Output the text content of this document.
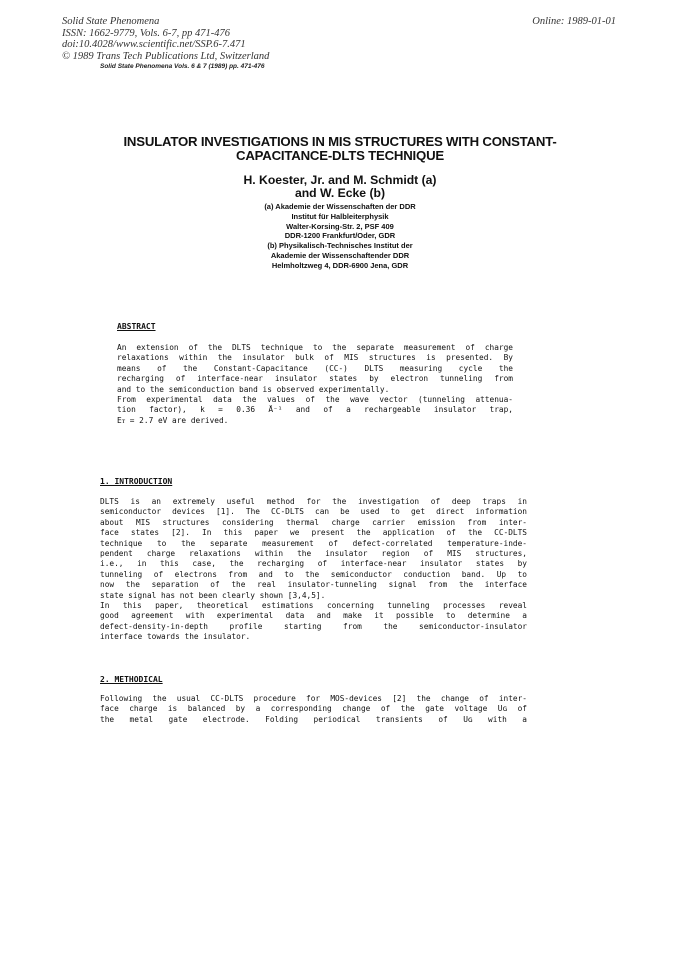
Solid State Phenomena
ISSN: 1662-9779, Vols. 6-7, pp 471-476
doi:10.4028/www.scientific.net/SSP.6-7.471
© 1989 Trans Tech Publications Ltd, Switzerland
Online: 1989-01-01
Solid State Phenomena Vols. 6 & 7 (1989) pp. 471-476
INSULATOR INVESTIGATIONS IN MIS STRUCTURES WITH CONSTANT-
CAPACITANCE-DLTS TECHNIQUE
H. Koester, Jr. and M. Schmidt (a)
and W. Ecke (b)
(a) Akademie der Wissenschaften der DDR
Institut für Halbleiterphysik
Walter-Korsing-Str. 2, PSF 409
DDR-1200 Frankfurt/Oder, GDR
(b) Physikalisch-Technisches Institut der
Akademie der Wissenschaftender DDR
Helmholtzweg 4, DDR-6900 Jena, GDR
ABSTRACT
An extension of the DLTS technique to the separate measurement of charge
relaxations within the insulator bulk of MIS structures is presented. By
means of the Constant-Capacitance (CC-) DLTS measuring cycle the
recharging of interface-near insulator states by electron tunneling from
and to the semiconduction band is observed experimentally.
From experimental data the values of the wave vector (tunneling attenua-
tion factor), k = 0.36 Å⁻¹ and of a rechargeable insulator trap,
Eᴛ = 2.7 eV are derived.
1. INTRODUCTION
DLTS is an extremely useful method for the investigation of deep traps in
semiconductor devices [1]. The CC-DLTS can be used to get direct information
about MIS structures considering thermal charge carrier emission from inter-
face states [2]. In this paper we present the application of the CC-DLTS
technique to the separate measurement of defect-correlated temperature-inde-
pendent charge relaxations within the insulator region of MIS structures,
i.e., in this case, the recharging of interface-near insulator states by
tunneling of electrons from and to the semiconductor conduction band. Up to
now the separation of the real insulator-tunneling signal from the interface
state signal has not been clearly shown [3,4,5].
In this paper, theoretical estimations concerning tunneling processes reveal
good agreement with experimental data and make it possible to determine a
defect-density-in-depth profile starting from the semiconductor-insulator
interface towards the insulator.
2. METHODICAL
Following the usual CC-DLTS procedure for MOS-devices [2] the change of inter-
face charge is balanced by a corresponding change of the gate voltage Uɢ of
the metal gate electrode. Folding periodical transients of Uɢ with a
